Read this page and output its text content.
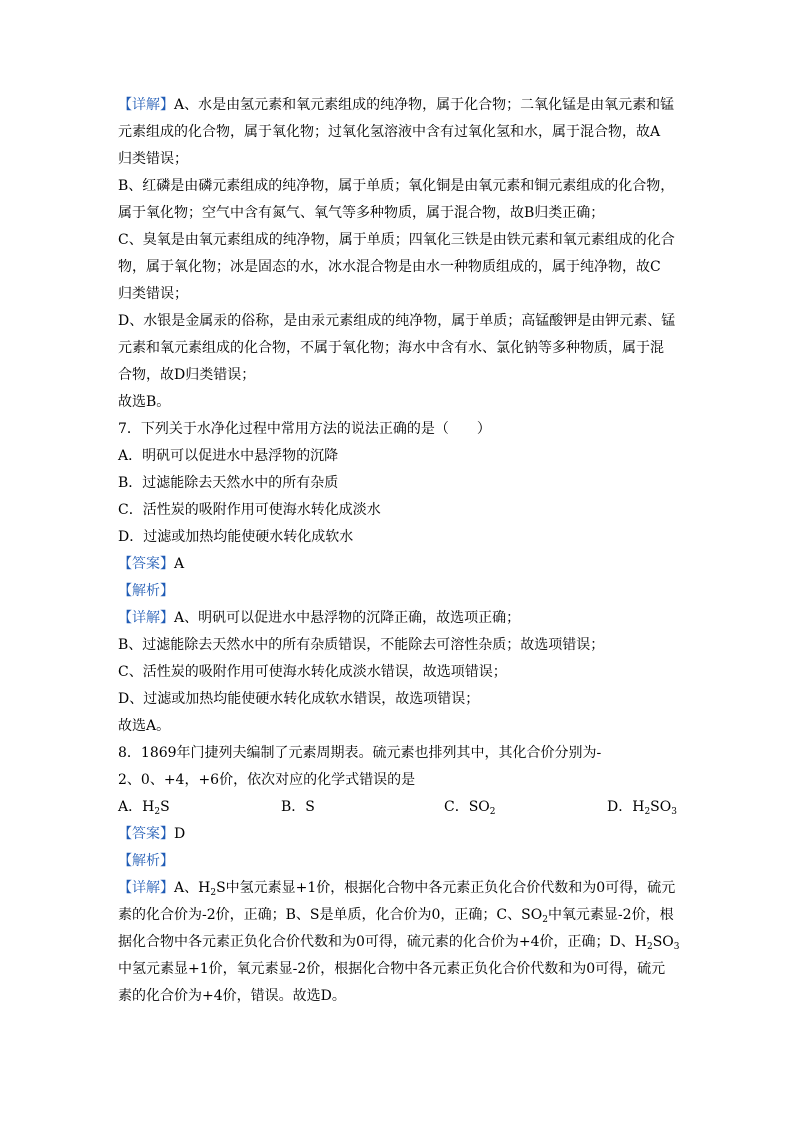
【详解】A、水是由氢元素和氧元素组成的纯净物，属于化合物；二氧化锰是由氧元素和锰
元素组成的化合物，属于氧化物；过氧化氢溶液中含有过氧化氢和水，属于混合物，故A
归类错误；
B、红磷是由磷元素组成的纯净物，属于单质；氧化铜是由氧元素和铜元素组成的化合物，
属于氧化物；空气中含有氮气、氧气等多种物质，属于混合物，故B归类正确；
C、臭氧是由氧元素组成的纯净物，属于单质；四氧化三铁是由铁元素和氧元素组成的化合
物，属于氧化物；冰是固态的水，冰水混合物是由水一种物质组成的，属于纯净物，故C
归类错误；
D、水银是金属汞的俗称，是由汞元素组成的纯净物，属于单质；高锰酸钾是由钾元素、锰
元素和氧元素组成的化合物，不属于氧化物；海水中含有水、氯化钠等多种物质，属于混
合物，故D归类错误；
故选B。
7．下列关于水净化过程中常用方法的说法正确的是（　　）
A．明矾可以促进水中悬浮物的沉降
B．过滤能除去天然水中的所有杂质
C．活性炭的吸附作用可使海水转化成淡水
D．过滤或加热均能使硬水转化成软水
【答案】A
【解析】
【详解】A、明矾可以促进水中悬浮物的沉降正确，故选项正确；
B、过滤能除去天然水中的所有杂质错误，不能除去可溶性杂质；故选项错误；
C、活性炭的吸附作用可使海水转化成淡水错误，故选项错误；
D、过滤或加热均能使硬水转化成软水错误，故选项错误；
故选A。
8．1869年门捷列夫编制了元素周期表。硫元素也排列其中，其化合价分别为-
2、0、+4，+6价，依次对应的化学式错误的是
A．$H_2S$	B．S	C．$SO_2$	D．$H_2SO_3$
【答案】D
【解析】
【详解】A、$H_2S$中氢元素显+1价，根据化合物中各元素正负化合价代数和为0可得，硫元
素的化合价为-2价，正确；B、S是单质，化合价为0，正确；C、$SO_2$中氧元素显-2价，根
据化合物中各元素正负化合价代数和为0可得，硫元素的化合价为+4价，正确；D、$H_2SO_3$
中氢元素显+1价，氧元素显-2价，根据化合物中各元素正负化合价代数和为0可得，硫元
素的化合价为+4价，错误。故选D。
